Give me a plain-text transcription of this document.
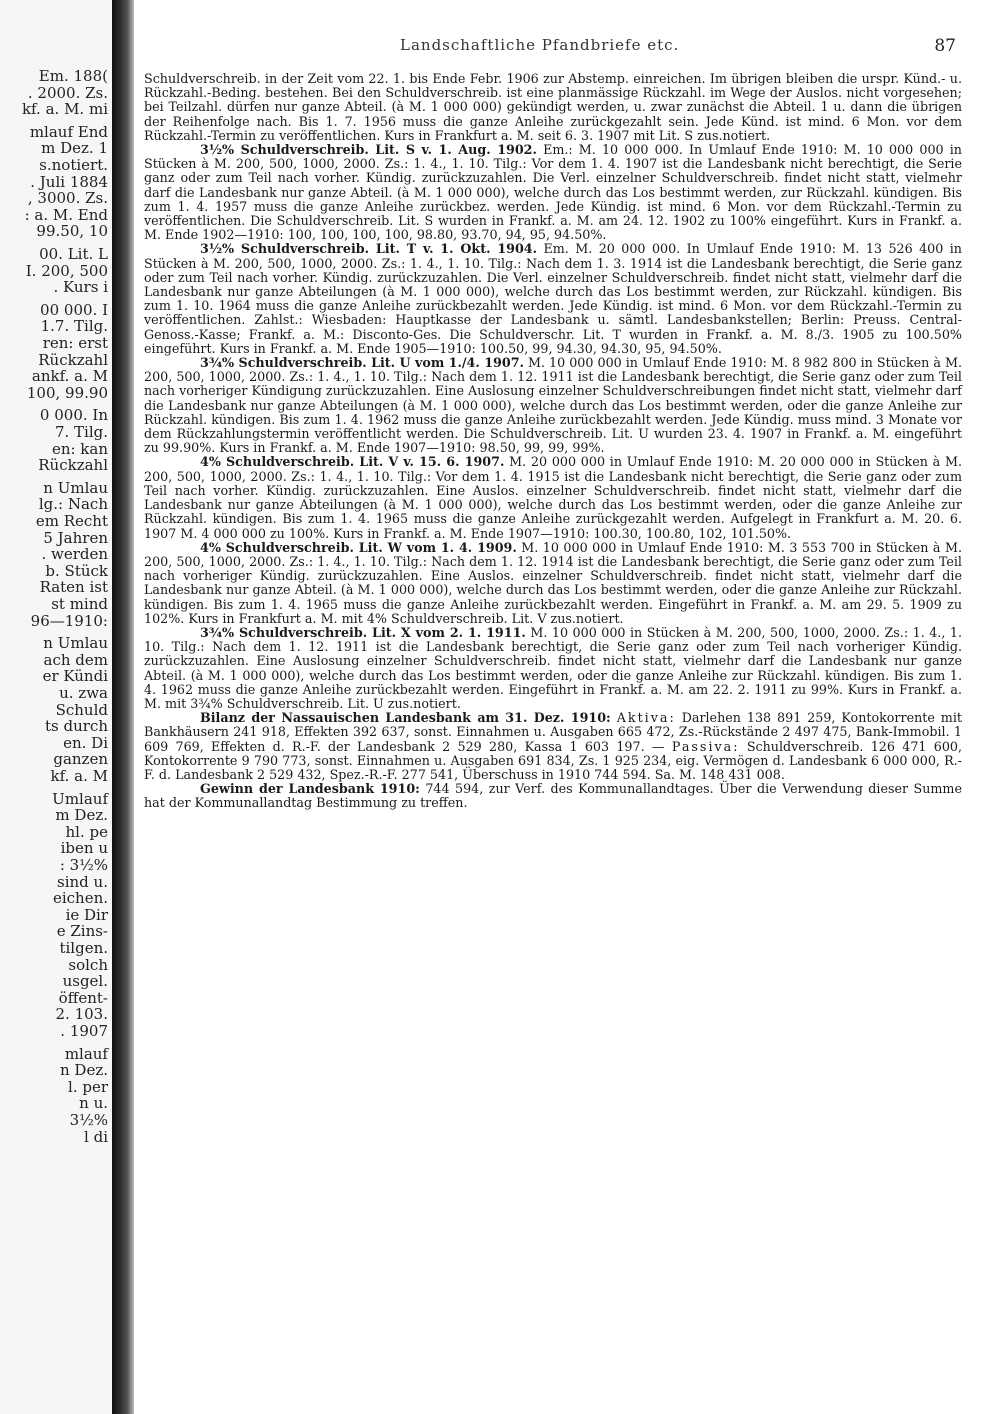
Em. 188(
. 2000. Zs.
kf. a. M. mi
mlauf End
m Dez. 1
s.notiert.
. Juli 1884
, 3000. Zs.
: a. M. End
99.50, 10
00. Lit. L
I. 200, 500
. Kurs i
00 000. I
1.7. Tilg.
ren: erst
Rückzahl
ankf. a. M
100, 99.90
0 000. In
7. Tilg.
en: kan
Rückzahl
n Umlau
lg.: Nach
em Recht
5 Jahren
. werden
b. Stück
Raten ist
st mind
96—1910:
n Umlau
ach dem
er Kündi
u. zwa
Schuld
ts durch
en. Di
ganzen
kf. a. M
Umlauf
m Dez.
hl. pe
iben u
: 3½%
sind u.
eichen.
ie Dir
e Zins-
tilgen.
solch
usgel.
öffent-
2. 103.
. 1907
mlauf
n Dez.
l. per
n u.
3½%
l di
Landschaftliche Pfandbriefe etc.	87

Schuldverschreib. in der Zeit vom 22. 1. bis Ende Febr. 1906 zur Abstemp. einreichen. Im übrigen bleiben die urspr. Künd.- u. Rückzahl.-Beding. bestehen. Bei den Schuldverschreib. ist eine planmässige Rückzahl. im Wege der Auslos. nicht vorgesehen; bei Teilzahl. dürfen nur ganze Abteil. (à M. 1 000 000) gekündigt werden, u. zwar zunächst die Abteil. 1 u. dann die übrigen der Reihenfolge nach. Bis 1. 7. 1956 muss die ganze Anleihe zurückgezahlt sein. Jede Künd. ist mind. 6 Mon. vor dem Rückzahl.-Termin zu veröffentlichen. Kurs in Frankfurt a. M. seit 6. 3. 1907 mit Lit. S zus.notiert.

3½% Schuldverschreib. Lit. S v. 1. Aug. 1902. Em.: M. 10 000 000. In Umlauf Ende 1910: M. 10 000 000 in Stücken à M. 200, 500, 1000, 2000. Zs.: 1. 4., 1. 10. Tilg.: Vor dem 1. 4. 1907 ist die Landesbank nicht berechtigt, die Serie ganz oder zum Teil nach vorher. Kündig. zurückzuzahlen. Die Verl. einzelner Schuldverschreib. findet nicht statt, vielmehr darf die Landesbank nur ganze Abteil. (à M. 1 000 000), welche durch das Los bestimmt werden, zur Rückzahl. kündigen. Bis zum 1. 4. 1957 muss die ganze Anleihe zurückbez. werden. Jede Kündig. ist mind. 6 Mon. vor dem Rückzahl.-Termin zu veröffentlichen. Die Schuldverschreib. Lit. S wurden in Frankf. a. M. am 24. 12. 1902 zu 100% eingeführt. Kurs in Frankf. a. M. Ende 1902—1910: 100, 100, 100, 100, 98.80, 93.70, 94, 95, 94.50%.

3½% Schuldverschreib. Lit. T v. 1. Okt. 1904. Em. M. 20 000 000. In Umlauf Ende 1910: M. 13 526 400 in Stücken à M. 200, 500, 1000, 2000. Zs.: 1. 4., 1. 10. Tilg.: Nach dem 1. 3. 1914 ist die Landesbank berechtigt, die Serie ganz oder zum Teil nach vorher. Kündig. zurückzuzahlen. Die Verl. einzelner Schuldverschreib. findet nicht statt, vielmehr darf die Landesbank nur ganze Abteilungen (à M. 1 000 000), welche durch das Los bestimmt werden, zur Rückzahl. kündigen. Bis zum 1. 10. 1964 muss die ganze Anleihe zurückbezahlt werden. Jede Kündig. ist mind. 6 Mon. vor dem Rückzahl.-Termin zu veröffentlichen. Zahlst.: Wiesbaden: Hauptkasse der Landesbank u. sämtl. Landesbankstellen; Berlin: Preuss. Central-Genoss.-Kasse; Frankf. a. M.: Disconto-Ges. Die Schuldverschr. Lit. T wurden in Frankf. a. M. 8./3. 1905 zu 100.50% eingeführt. Kurs in Frankf. a. M. Ende 1905—1910: 100.50, 99, 94.30, 94.30, 95, 94.50%.

3¾% Schuldverschreib. Lit. U vom 1./4. 1907. M. 10 000 000 in Umlauf Ende 1910: M. 8 982 800 in Stücken à M. 200, 500, 1000, 2000. Zs.: 1. 4., 1. 10. Tilg.: Nach dem 1. 12. 1911 ist die Landesbank berechtigt, die Serie ganz oder zum Teil nach vorheriger Kündigung zurückzuzahlen. Eine Auslosung einzelner Schuldverschreibungen findet nicht statt, vielmehr darf die Landesbank nur ganze Abteilungen (à M. 1 000 000), welche durch das Los bestimmt werden, oder die ganze Anleihe zur Rückzahl. kündigen. Bis zum 1. 4. 1962 muss die ganze Anleihe zurückbezahlt werden. Jede Kündig. muss mind. 3 Monate vor dem Rückzahlungstermin veröffentlicht werden. Die Schuldverschreib. Lit. U wurden 23. 4. 1907 in Frankf. a. M. eingeführt zu 99.90%. Kurs in Frankf. a. M. Ende 1907—1910: 98.50, 99, 99, 99%.

4% Schuldverschreib. Lit. V v. 15. 6. 1907. M. 20 000 000 in Umlauf Ende 1910: M. 20 000 000 in Stücken à M. 200, 500, 1000, 2000. Zs.: 1. 4., 1. 10. Tilg.: Vor dem 1. 4. 1915 ist die Landesbank nicht berechtigt, die Serie ganz oder zum Teil nach vorher. Kündig. zurückzuzahlen. Eine Auslos. einzelner Schuldverschreib. findet nicht statt, vielmehr darf die Landesbank nur ganze Abteilungen (à M. 1 000 000), welche durch das Los bestimmt werden, oder die ganze Anleihe zur Rückzahl. kündigen. Bis zum 1. 4. 1965 muss die ganze Anleihe zurückgezahlt werden. Aufgelegt in Frankfurt a. M. 20. 6. 1907 M. 4 000 000 zu 100%. Kurs in Frankf. a. M. Ende 1907—1910: 100.30, 100.80, 102, 101.50%.

4% Schuldverschreib. Lit. W vom 1. 4. 1909. M. 10 000 000 in Umlauf Ende 1910: M. 3 553 700 in Stücken à M. 200, 500, 1000, 2000. Zs.: 1. 4., 1. 10. Tilg.: Nach dem 1. 12. 1914 ist die Landesbank berechtigt, die Serie ganz oder zum Teil nach vorheriger Kündig. zurückzuzahlen. Eine Auslos. einzelner Schuldverschreib. findet nicht statt, vielmehr darf die Landesbank nur ganze Abteil. (à M. 1 000 000), welche durch das Los bestimmt werden, oder die ganze Anleihe zur Rückzahl. kündigen. Bis zum 1. 4. 1965 muss die ganze Anleihe zurückbezahlt werden. Eingeführt in Frankf. a. M. am 29. 5. 1909 zu 102%. Kurs in Frankfurt a. M. mit 4% Schuldverschreib. Lit. V zus.notiert.

3¾% Schuldverschreib. Lit. X vom 2. 1. 1911. M. 10 000 000 in Stücken à M. 200, 500, 1000, 2000. Zs.: 1. 4., 1. 10. Tilg.: Nach dem 1. 12. 1911 ist die Landesbank berechtigt, die Serie ganz oder zum Teil nach vorheriger Kündig. zurückzuzahlen. Eine Auslosung einzelner Schuldverschreib. findet nicht statt, vielmehr darf die Landesbank nur ganze Abteil. (à M. 1 000 000), welche durch das Los bestimmt werden, oder die ganze Anleihe zur Rückzahl. kündigen. Bis zum 1. 4. 1962 muss die ganze Anleihe zurückbezahlt werden. Eingeführt in Frankf. a. M. am 22. 2. 1911 zu 99%. Kurs in Frankf. a. M. mit 3¾% Schuldverschreib. Lit. U zus.notiert.

Bilanz der Nassauischen Landesbank am 31. Dez. 1910: Aktiva: Darlehen 138 891 259, Kontokorrente mit Bankhäusern 241 918, Effekten 392 637, sonst. Einnahmen u. Ausgaben 665 472, Zs.-Rückstände 2 497 475, Bank-Immobil. 1 609 769, Effekten d. R.-F. der Landesbank 2 529 280, Kassa 1 603 197. — Passiva: Schuldverschreib. 126 471 600, Kontokorrente 9 790 773, sonst. Einnahmen u. Ausgaben 691 834, Zs. 1 925 234, eig. Vermögen d. Landesbank 6 000 000, R.-F. d. Landesbank 2 529 432, Spez.-R.-F. 277 541, Überschuss in 1910 744 594. Sa. M. 148 431 008.

Gewinn der Landesbank 1910: 744 594, zur Verf. des Kommunallandtages. Über die Verwendung dieser Summe hat der Kommunallandtag Bestimmung zu treffen.
